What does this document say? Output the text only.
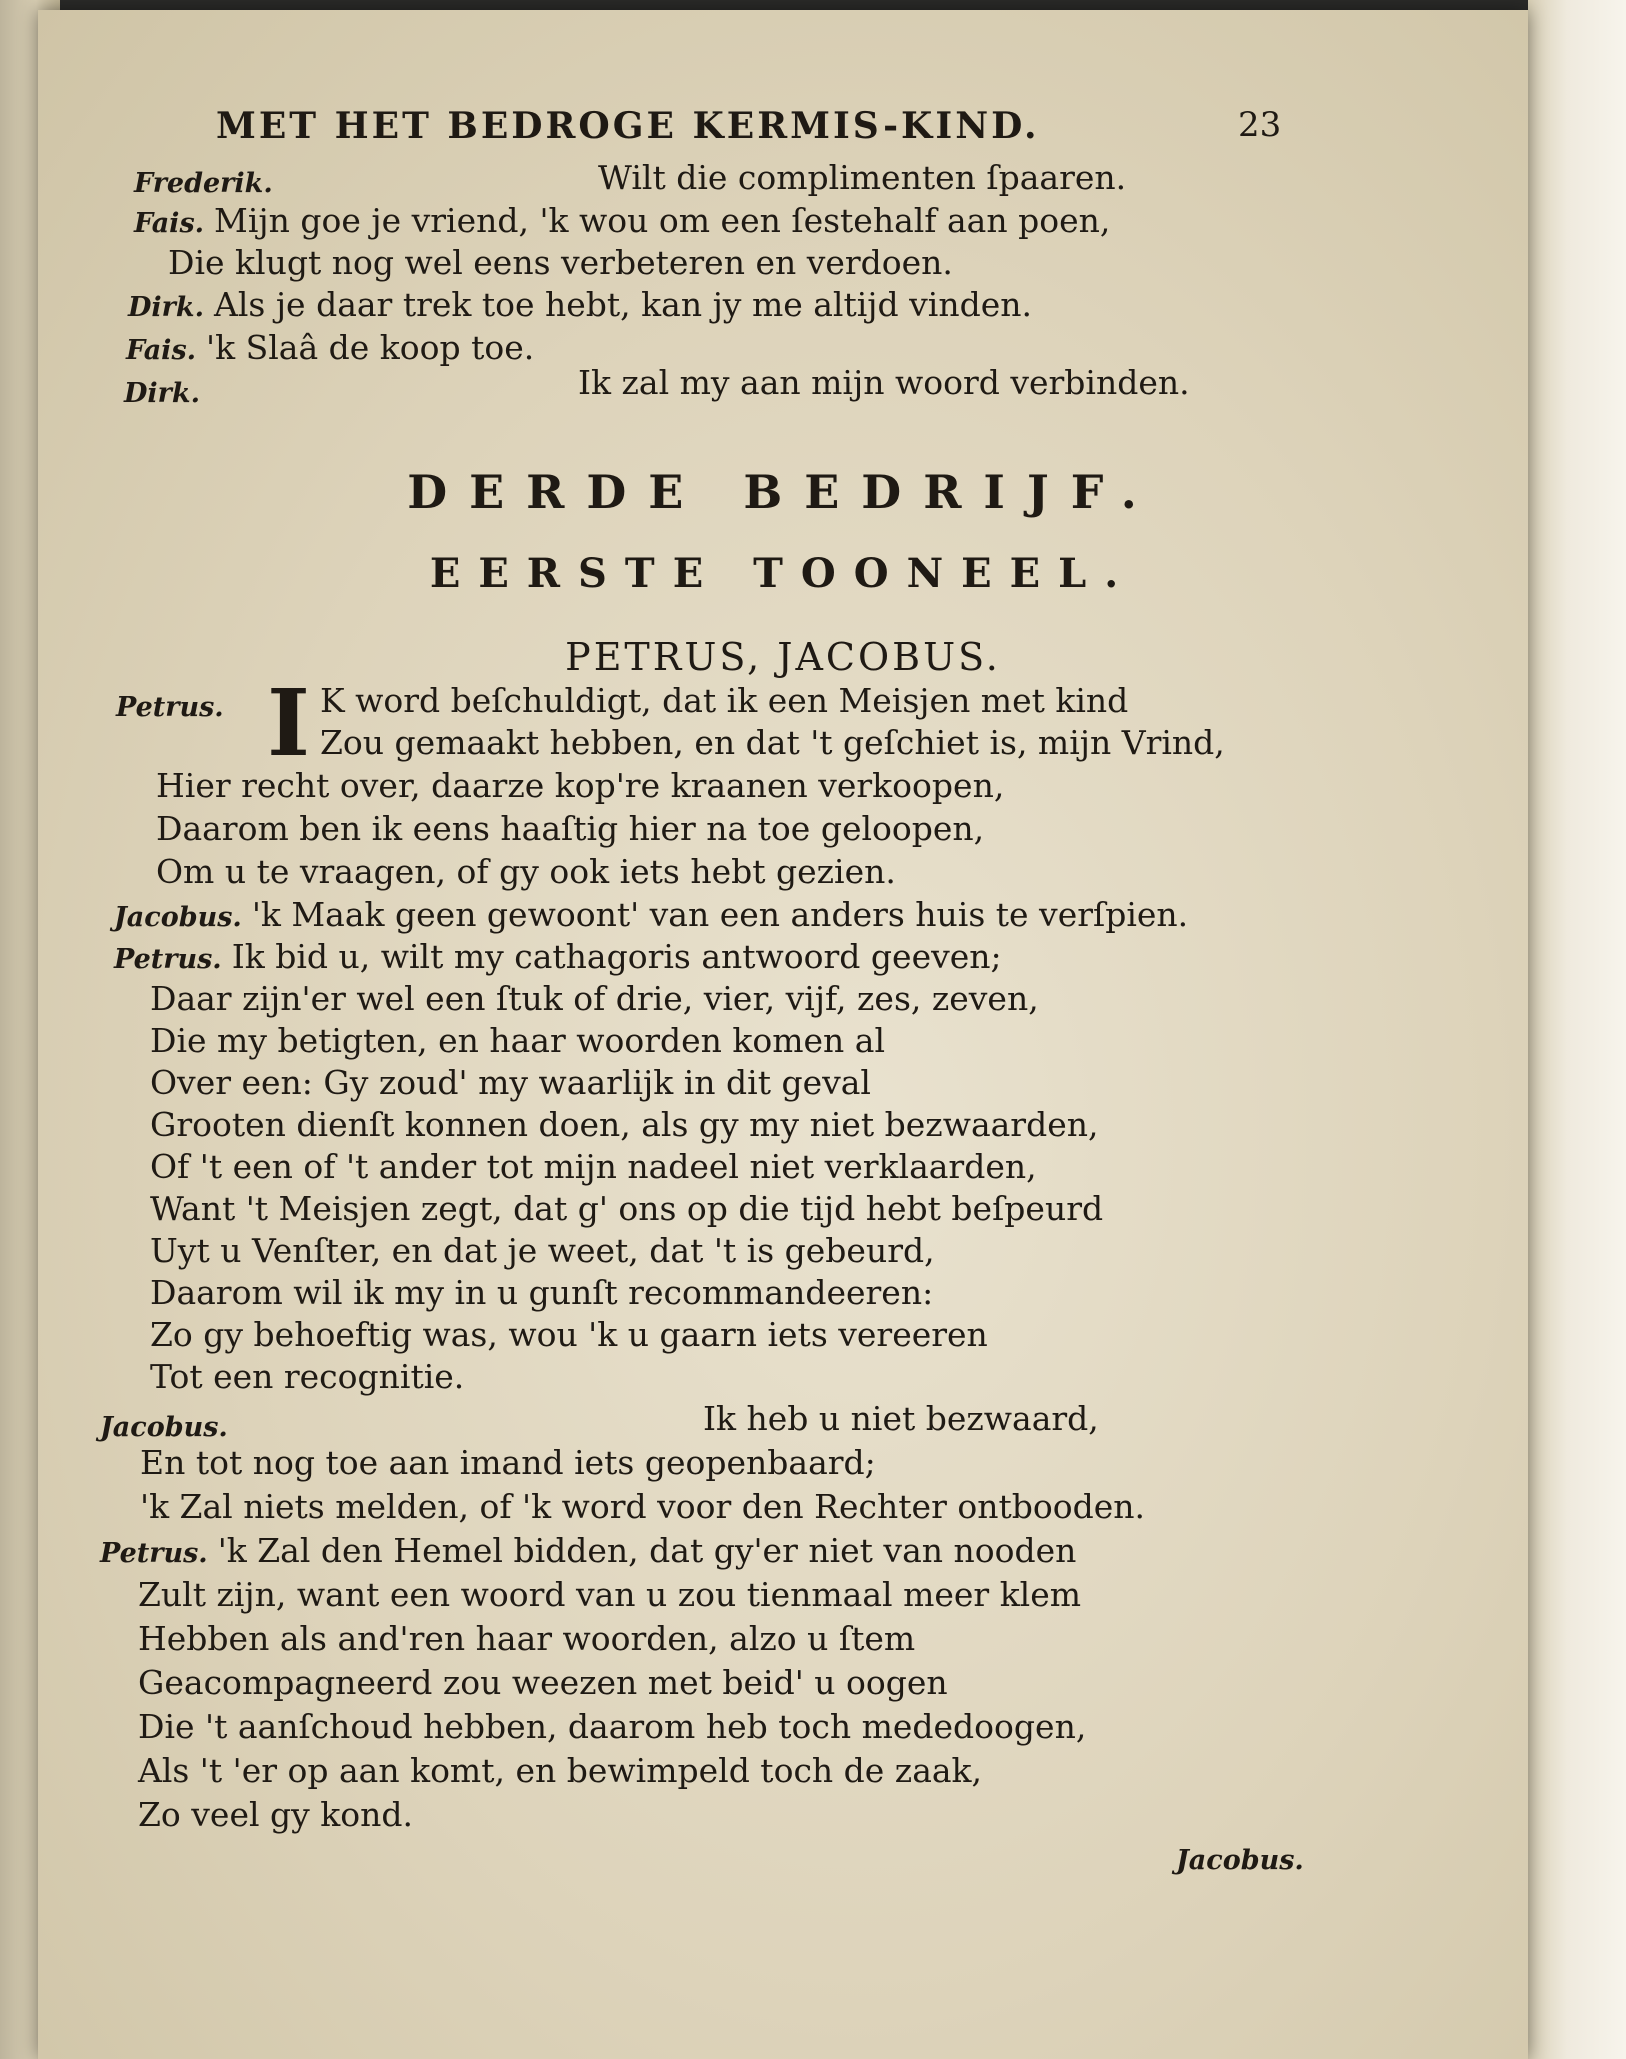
MET HET BEDROGE KERMIS-KIND.	23
Frederik.	Wilt die complimenten ſpaaren.
Fais. Mijn goe je vriend, 'k wou om een ſestehalf aan poen,
Die klugt nog wel eens verbeteren en verdoen.
Dirk. Als je daar trek toe hebt, kan jy me altijd vinden.
Fais. 'k Slaâ de koop toe.
Dirk.	Ik zal my aan mijn woord verbinden.
DERDE BEDRIJF.
EERSTE TOONEEL.
PETRUS, JACOBUS.
I
Petrus.	K word beſchuldigt, dat ik een Meisjen met kind
Zou gemaakt hebben, en dat 't geſchiet is, mijn Vrind,
Hier recht over, daarze kop're kraanen verkoopen,
Daarom ben ik eens haaſtig hier na toe geloopen,
Om u te vraagen, of gy ook iets hebt gezien.
Jacobus. 'k Maak geen gewoont' van een anders huis te verſpien.
Petrus. Ik bid u, wilt my cathagoris antwoord geeven;
Daar zijn'er wel een ſtuk of drie, vier, vijf, zes, zeven,
Die my betigten, en haar woorden komen al
Over een: Gy zoud' my waarlijk in dit geval
Grooten dienſt konnen doen, als gy my niet bezwaarden,
Of 't een of 't ander tot mijn nadeel niet verklaarden,
Want 't Meisjen zegt, dat g' ons op die tijd hebt beſpeurd
Uyt u Venſter, en dat je weet, dat 't is gebeurd,
Daarom wil ik my in u gunſt recommandeeren:
Zo gy behoeftig was, wou 'k u gaarn iets vereeren
Tot een recognitie.
Jacobus.	Ik heb u niet bezwaard,
En tot nog toe aan imand iets geopenbaard;
'k Zal niets melden, of 'k word voor den Rechter ontbooden.
Petrus. 'k Zal den Hemel bidden, dat gy'er niet van nooden
Zult zijn, want een woord van u zou tienmaal meer klem
Hebben als and'ren haar woorden, alzo u ſtem
Geacompagneerd zou weezen met beid' u oogen
Die 't aanſchoud hebben, daarom heb toch mededoogen,
Als 't 'er op aan komt, en bewimpeld toch de zaak,
Zo veel gy kond.
Jacobus.
